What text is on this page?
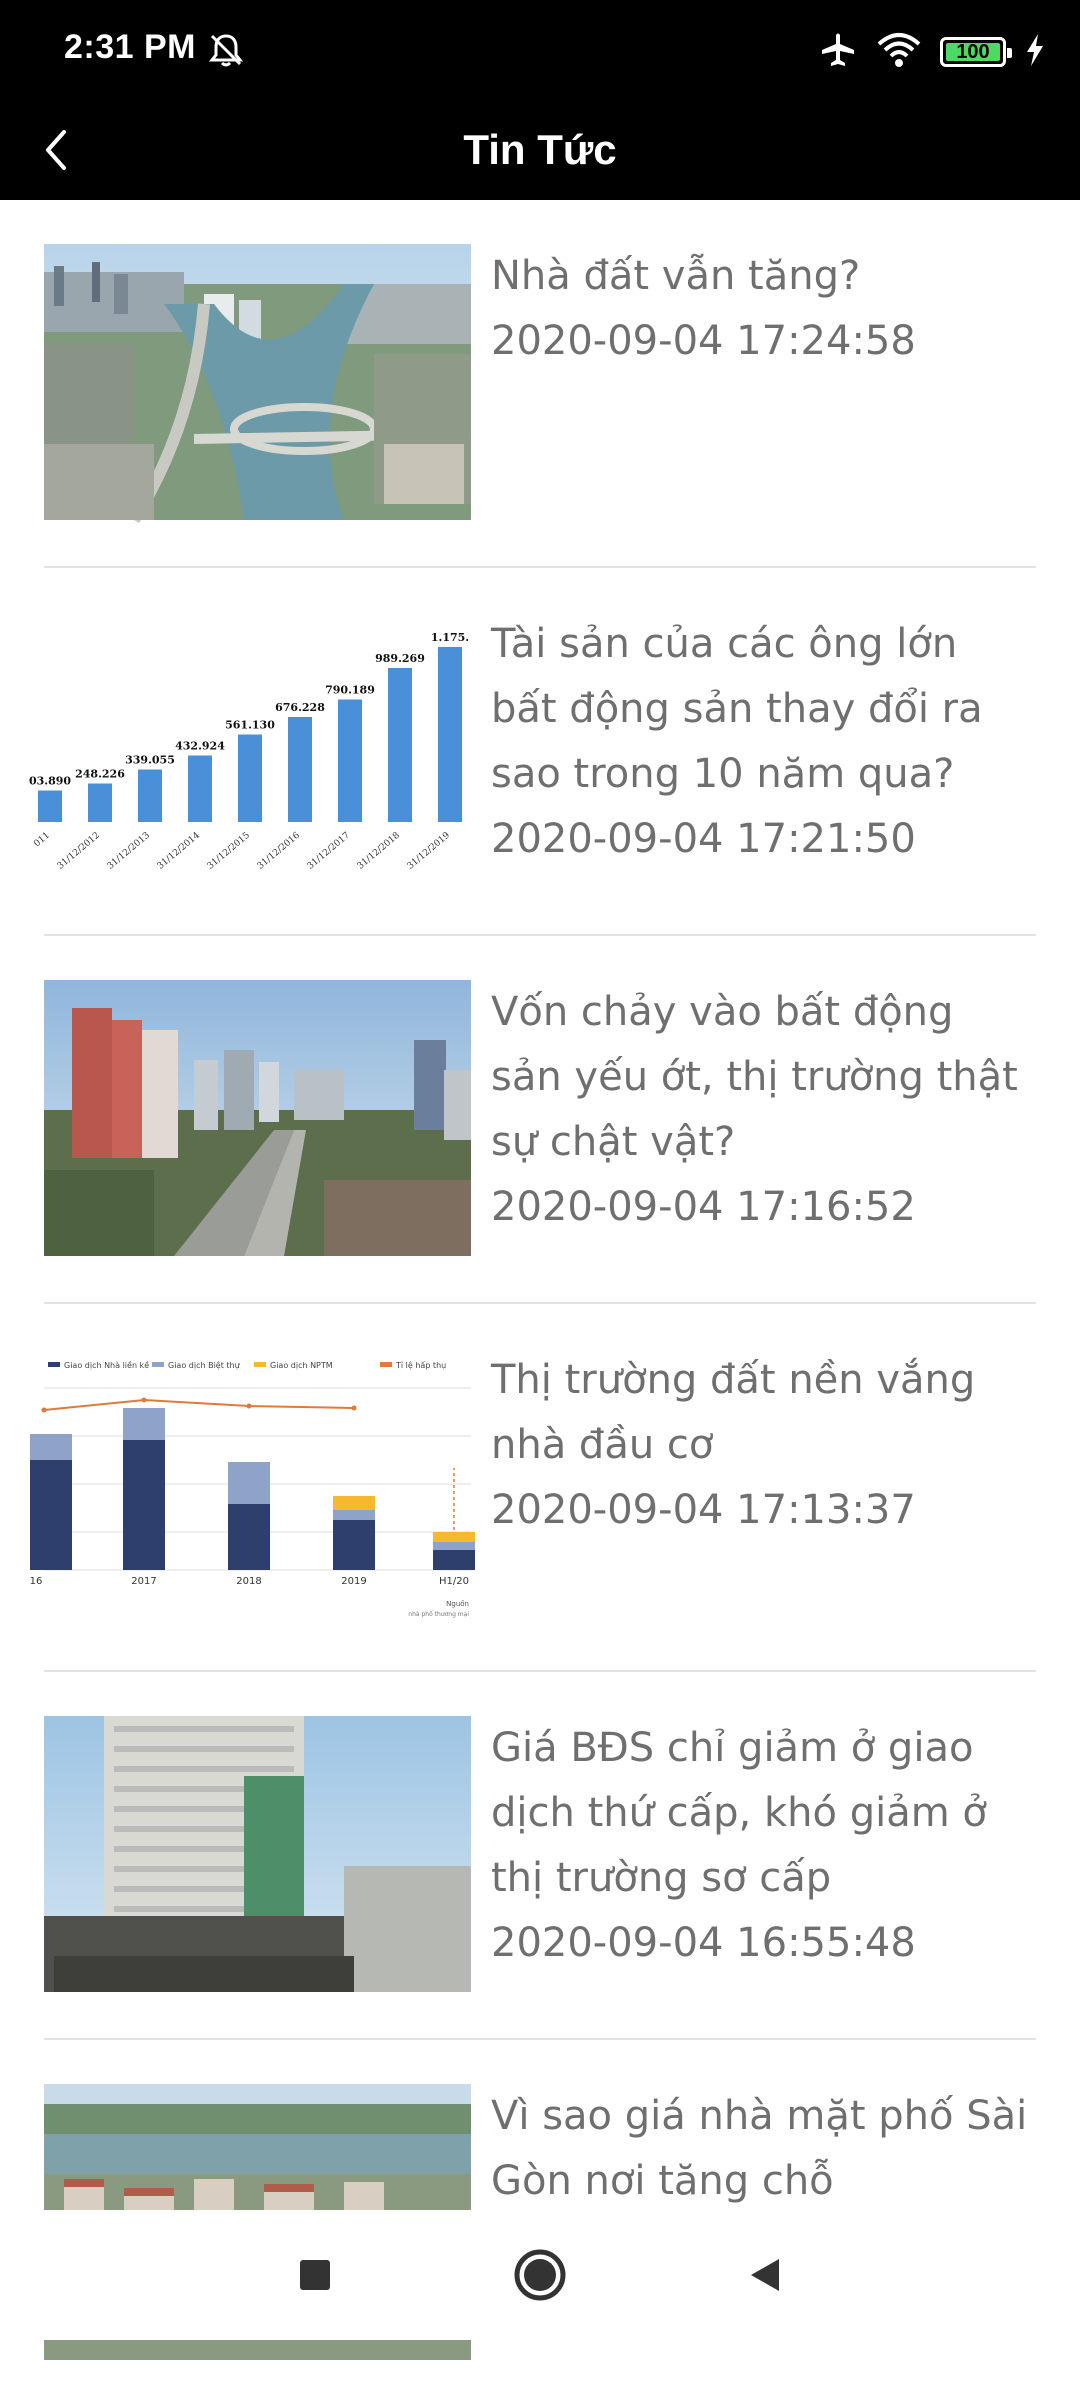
2:31 PM	100
Tin Tức
Nhà đất vẫn tăng?
2020-09-04 17:24:58
03.890
011
248.226
31/12/2012
339.055
31/12/2013
432.924
31/12/2014
561.130
31/12/2015
676.228
31/12/2016
790.189
31/12/2017
989.269
31/12/2018
1.175.
31/12/2019
Tài sản của các ông lớn bất động sản thay đổi ra sao trong 10 năm qua?
2020-09-04 17:21:50
Vốn chảy vào bất động sản yếu ớt, thị trường thật sự chật vật?
2020-09-04 17:16:52
Giao dịch Nhà liền kề Giao dịch Biệt thự	Giao dịch NPTM	Tỉ lệ hấp thụ
16	2017	2018	2019	H1/20
Nguồn
nhà phố thương mại
Thị trường đất nền vắng nhà đầu cơ
2020-09-04 17:13:37
Giá BĐS chỉ giảm ở giao dịch thứ cấp, khó giảm ở thị trường sơ cấp
2020-09-04 16:55:48
Vì sao giá nhà mặt phố Sài Gòn nơi tăng chỗ
